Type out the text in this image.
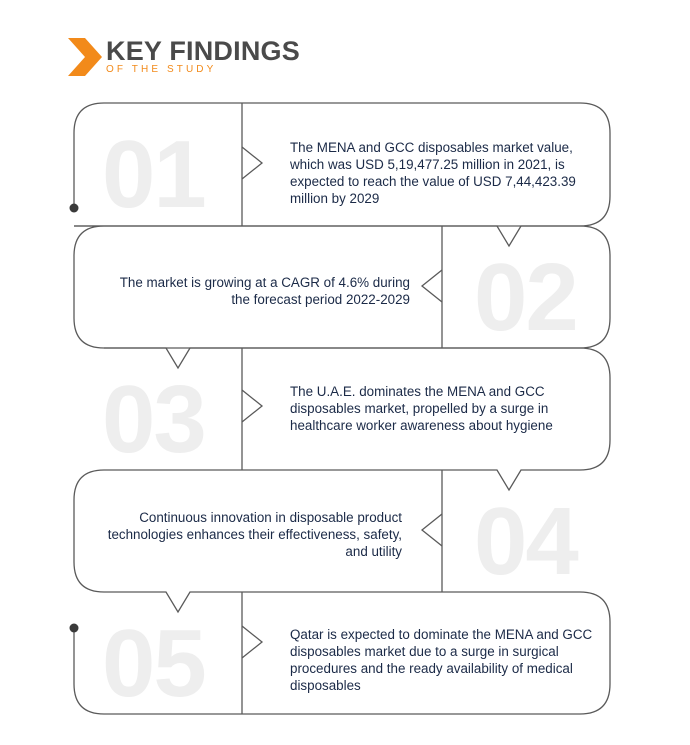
KEY FINDINGS
OF THE STUDY
01
02
03
04
05
The MENA and GCC disposables market value, which was USD 5,19,477.25 million in 2021, is expected to reach the value of USD 7,44,423.39 million by 2029
The market is growing at a CAGR of 4.6% during the forecast period 2022-2029
The U.A.E. dominates the MENA and GCC disposables market, propelled by a surge in healthcare worker awareness about hygiene
Continuous innovation in disposable product technologies enhances their effectiveness, safety, and utility
Qatar is expected to dominate the MENA and GCC disposables market due to a surge in surgical procedures and the ready availability of medical disposables
